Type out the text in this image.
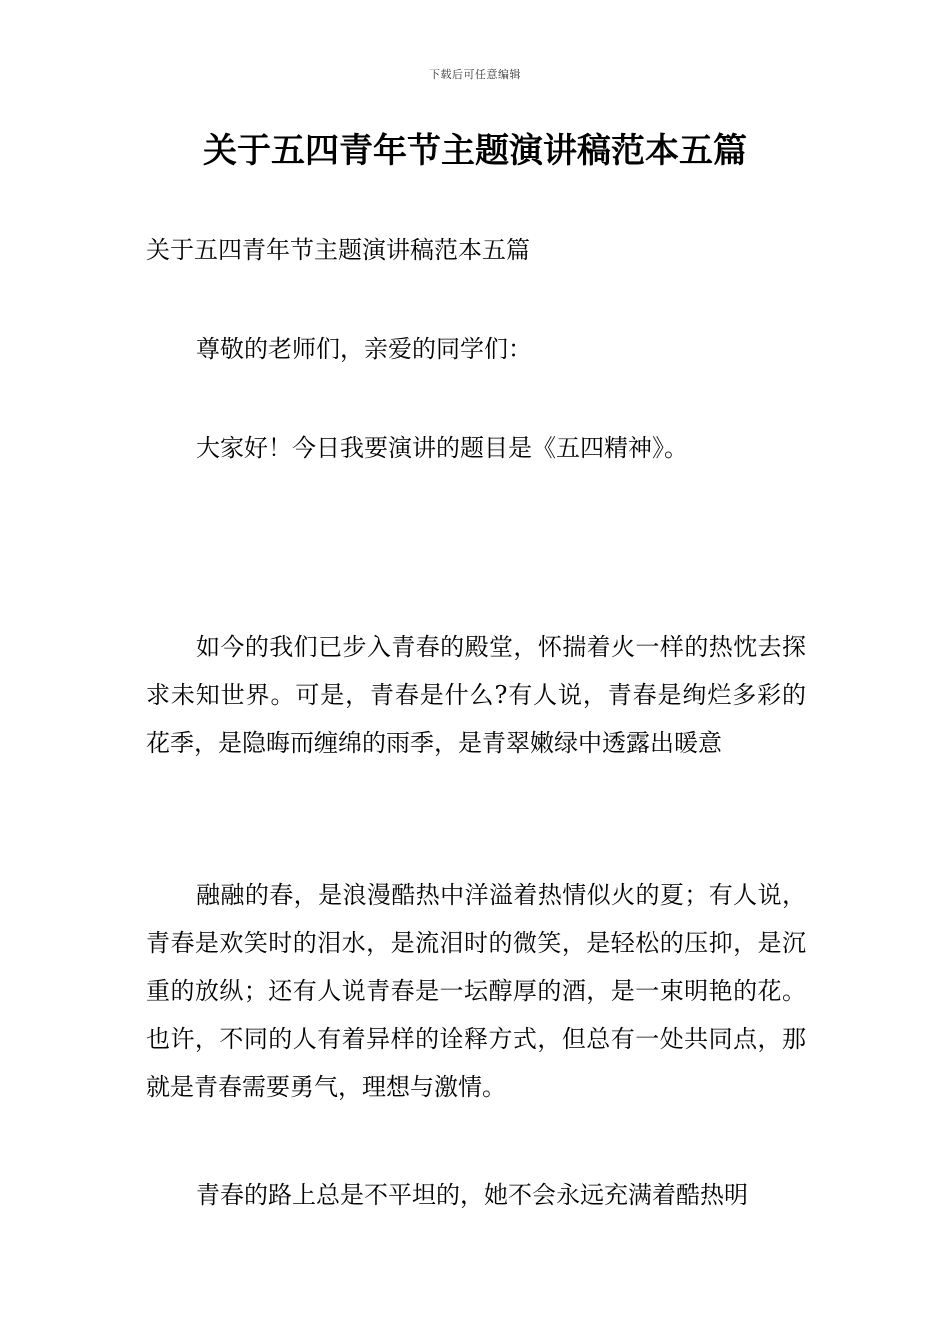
下载后可任意编辑
关于五四青年节主题演讲稿范本五篇

关于五四青年节主题演讲稿范本五篇

尊敬的老师们，亲爱的同学们：

大家好！今日我要演讲的题目是《五四精神》。

如今的我们已步入青春的殿堂，怀揣着火一样的热忱去探求未知世界。可是，青春是什么?有人说，青春是绚烂多彩的花季，是隐晦而缠绵的雨季，是青翠嫩绿中透露出暖意

融融的春，是浪漫酷热中洋溢着热情似火的夏；有人说，青春是欢笑时的泪水，是流泪时的微笑，是轻松的压抑，是沉重的放纵；还有人说青春是一坛醇厚的酒，是一束明艳的花。也许，不同的人有着异样的诠释方式，但总有一处共同点，那就是青春需要勇气，理想与激情。

青春的路上总是不平坦的，她不会永远充满着酷热明
